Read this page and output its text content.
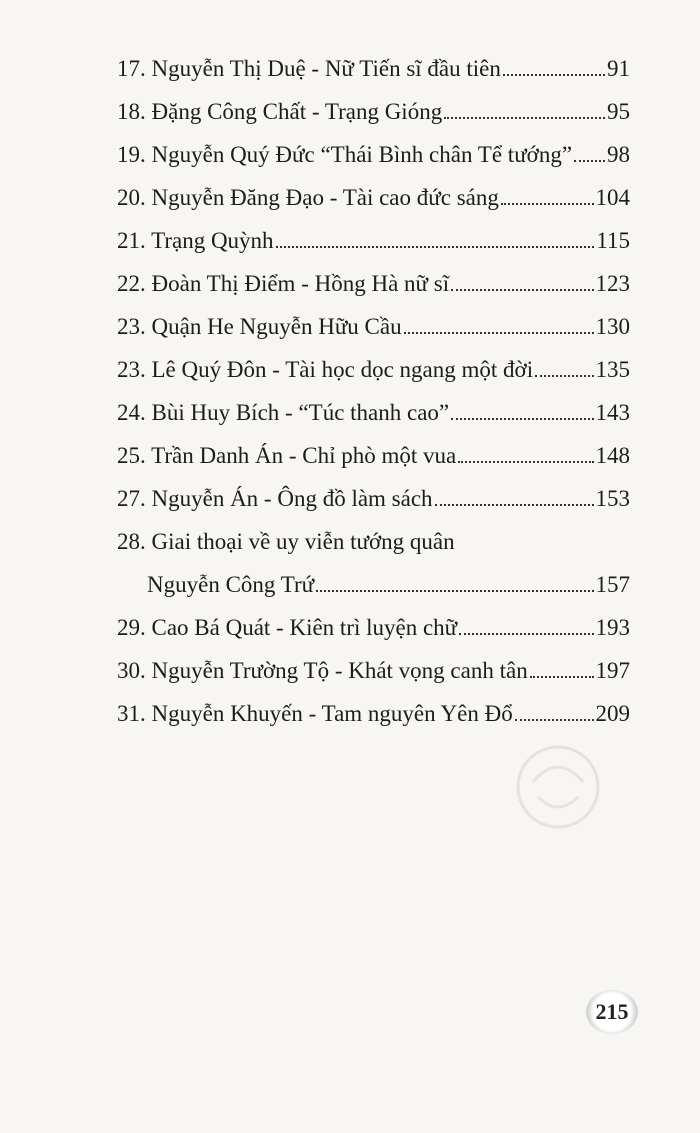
17. Nguyễn Thị Duệ - Nữ Tiến sĩ đầu tiên	91
18. Đặng Công Chất - Trạng Gióng	95
19. Nguyễn Quý Đức “Thái Bình chân Tể tướng” 98
20. Nguyễn Đăng Đạo - Tài cao đức sáng	104
21. Trạng Quỳnh	115
22. Đoàn Thị Điểm - Hồng Hà nữ sĩ	123
23. Quận He Nguyễn Hữu Cầu	130
23. Lê Quý Đôn - Tài học dọc ngang một đời	135
24. Bùi Huy Bích - “Túc thanh cao”	143
25. Trần Danh Án - Chỉ phò một vua	148
27. Nguyễn Án - Ông đồ làm sách	153
28. Giai thoại về uy viễn tướng quân
Nguyễn Công Trứ	157
29. Cao Bá Quát - Kiên trì luyện chữ	193
30. Nguyễn Trường Tộ - Khát vọng canh tân	197
31. Nguyễn Khuyến - Tam nguyên Yên Đổ	209
215
